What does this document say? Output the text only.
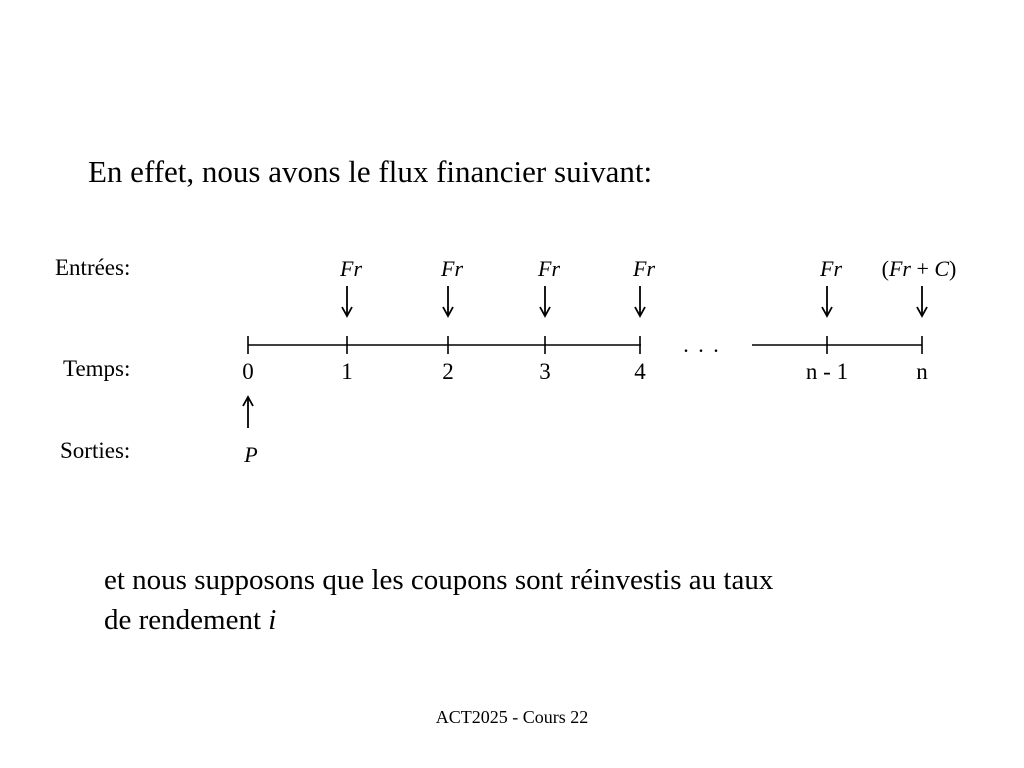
En effet, nous avons le flux financier suivant:
Entrées:
Temps:
Sorties:
. . .
0	1	2	3	4	n - 1	n
Fr	Fr	Fr	Fr	Fr (Fr + C)
P

et nous supposons que les coupons sont réinvestis au taux
de rendement i

ACT2025 - Cours 22
